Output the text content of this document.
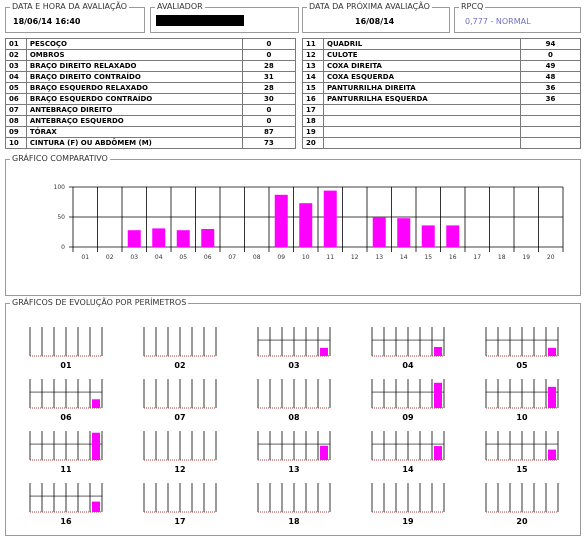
DATA E HORA DA AVALIAÇÃO
18/06/14 16:40
AVALIADOR	DATA DA PRÓXIMA AVALIAÇÃO
16/08/14
RPCQ
0,777 - NORMAL
01	PESCOÇO	0
02	OMBROS	0
03	BRAÇO DIREITO RELAXADO	28
04	BRAÇO DIREITO CONTRAÍDO	31
05	BRAÇO ESQUERDO RELAXADO	28
06	BRAÇO ESQUERDO CONTRAÍDO	30
07	ANTEBRAÇO DIREITO	0
08	ANTEBRAÇO ESQUERDO	0
09	TÓRAX	87
10	CINTURA (F) OU ABDÔMEM (M)	73
11	QUADRIL	94
12	CULOTE	0
13	COXA DIREITA	49
14	COXA ESQUERDA	48
15	PANTURRILHA DIREITA	36
16	PANTURRILHA ESQUERDA	36
17		
18		
19		
20		
GRÁFICO COMPARATIVO
0
50
100
01	02	03	04	05	06	07	08	09	10	11	12	13	14	15	16	17	18	19	20
GRÁFICOS DE EVOLUÇÃO POR PERÍMETROS
01	02	03	04	05
06	07	08	09	10
11	12	13	14	15
16	17	18	19	20
